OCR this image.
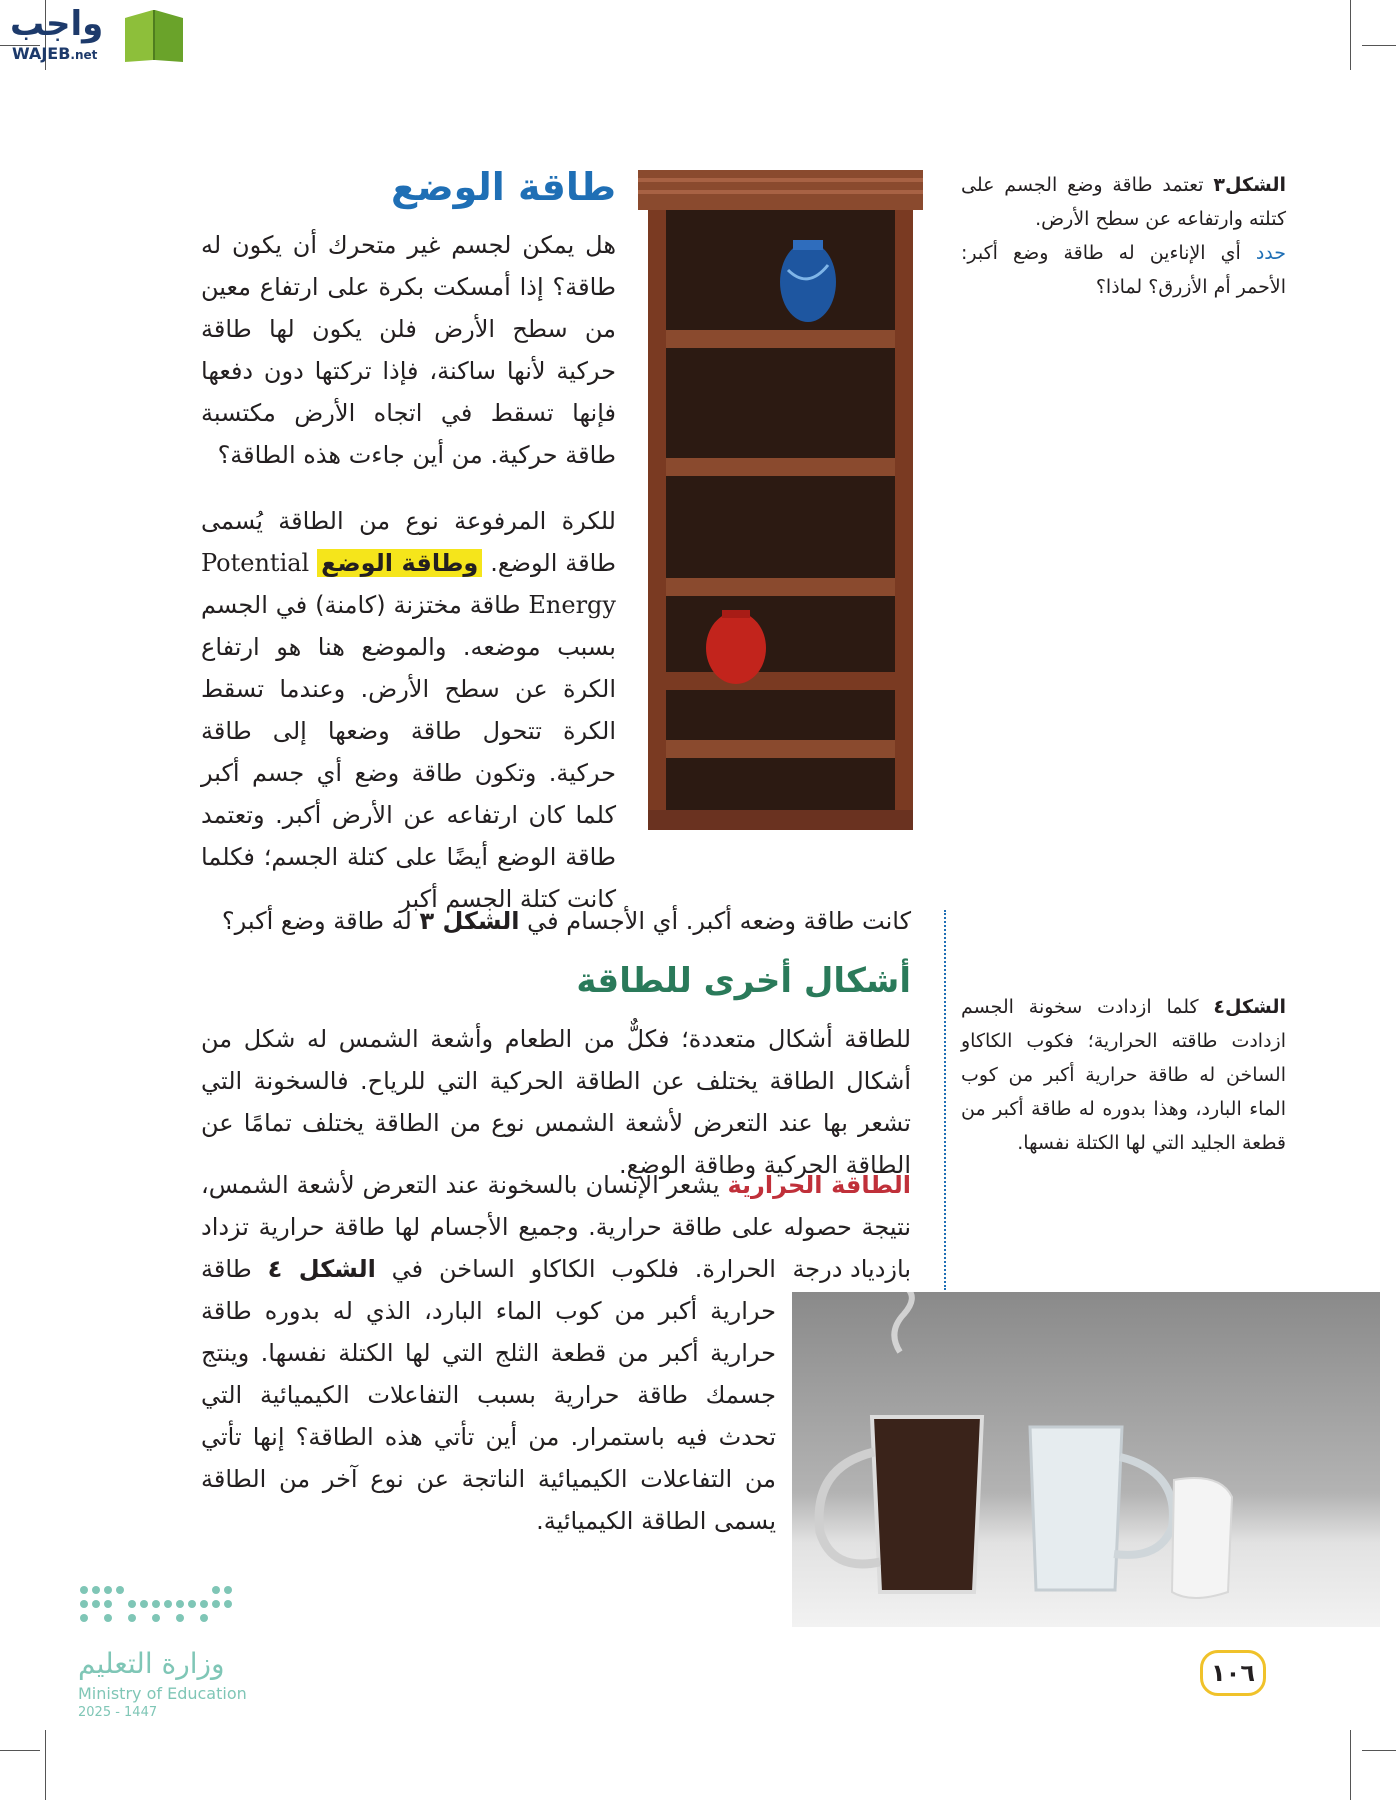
واجب
WAJEB.net
طاقة الوضع
هل يمكن لجسم غير متحرك أن يكون له طاقة؟ إذا أمسكت بكرة على ارتفاع معين من سطح الأرض فلن يكون لها طاقة حركية لأنها ساكنة، فإذا تركتها دون دفعها فإنها تسقط في اتجاه الأرض مكتسبة طاقة حركية. من أين جاءت هذه الطاقة؟
للكرة المرفوعة نوع من الطاقة يُسمى طاقة الوضع. وطاقة الوضع Potential Energy طاقة مختزنة (كامنة) في الجسم بسبب موضعه. والموضع هنا هو ارتفاع الكرة عن سطح الأرض. وعندما تسقط الكرة تتحول طاقة وضعها إلى طاقة حركية. وتكون طاقة وضع أي جسم أكبر كلما كان ارتفاعه عن الأرض أكبر. وتعتمد طاقة الوضع أيضًا على كتلة الجسم؛ فكلما كانت كتلة الجسم أكبر
كانت طاقة وضعه أكبر. أي الأجسام في الشكل ٣ له طاقة وضع أكبر؟
الشكل٣ تعتمد طاقة وضع الجسم على كتلته وارتفاعه عن سطح الأرض.
حدد أي الإناءين له طاقة وضع أكبر: الأحمر أم الأزرق؟ لماذا؟
أشكال أخرى للطاقة
للطاقة أشكال متعددة؛ فكلٌّ من الطعام وأشعة الشمس له شكل من أشكال الطاقة يختلف عن الطاقة الحركية التي للرياح. فالسخونة التي تشعر بها عند التعرض لأشعة الشمس نوع من الطاقة يختلف تمامًا عن الطاقة الحركية وطاقة الوضع.
الطاقة الحرارية يشعر الإنسان بالسخونة عند التعرض لأشعة الشمس، نتيجة حصوله على طاقة حرارية. وجميع الأجسام لها طاقة حرارية تزداد بازدياد درجة
الحرارة. فلكوب الكاكاو الساخن في الشكل ٤ طاقة حرارية أكبر من كوب الماء البارد، الذي له بدوره طاقة حرارية أكبر من قطعة الثلج التي لها الكتلة نفسها. وينتج جسمك طاقة حرارية بسبب التفاعلات الكيميائية التي تحدث فيه باستمرار. من أين تأتي هذه الطاقة؟ إنها تأتي من التفاعلات الكيميائية الناتجة عن نوع آخر من الطاقة يسمى الطاقة الكيميائية.
الشكل٤ كلما ازدادت سخونة الجسم ازدادت طاقته الحرارية؛ فكوب الكاكاو الساخن له طاقة حرارية أكبر من كوب الماء البارد، وهذا بدوره له طاقة أكبر من قطعة الجليد التي لها الكتلة نفسها.
وزارة التعليم
Ministry of Education
2025 - 1447
١٠٦
